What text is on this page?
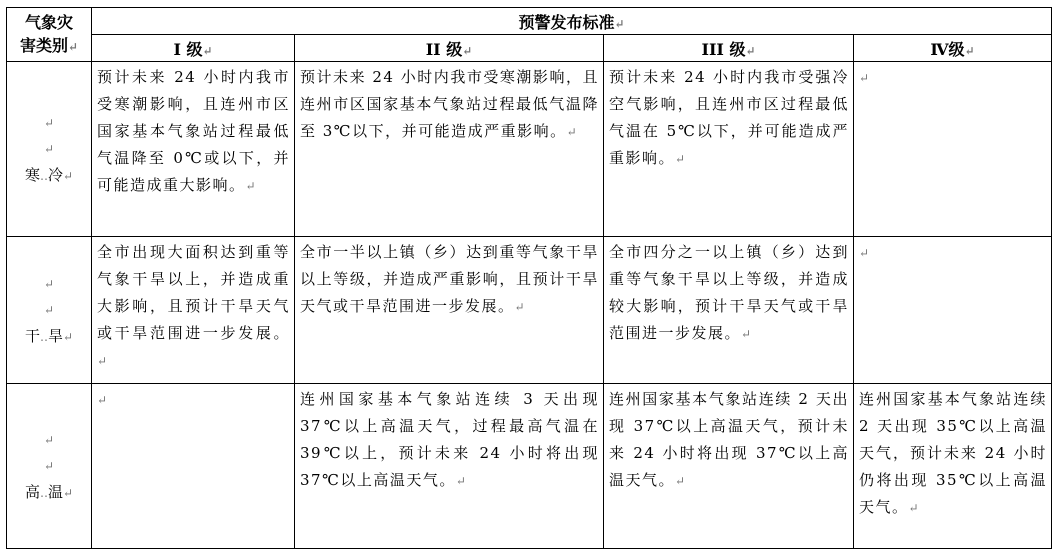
气象灾
害类别↵	预警发布标准↵			
	I 级↵	II 级↵	III 级↵	Ⅳ级↵

↵
↵
寒‥冷↵	预计未来 24 小时内我市受寒潮影响，且连州市区国家基本气象站过程最低气温降至 0℃或以下，并可能造成重大影响。↵	预计未来 24 小时内我市受寒潮影响，且连州市区国家基本气象站过程最低气温降至 3℃以下，并可能造成严重影响。↵	预计未来 24 小时内我市受强冷空气影响，且连州市区过程最低气温在 5℃以下，并可能造成严重影响。↵	↵

↵
↵
干‥旱↵	全市出现大面积达到重等气象干旱以上，并造成重大影响，且预计干旱天气或干旱范围进一步发展。↵	全市一半以上镇（乡）达到重等气象干旱以上等级，并造成严重影响，且预计干旱天气或干旱范围进一步发展。↵	全市四分之一以上镇（乡）达到重等气象干旱以上等级，并造成较大影响，预计干旱天气或干旱范围进一步发展。↵	↵

↵
↵
高‥温↵	↵	连州国家基本气象站连续 3 天出现 37℃以上高温天气，过程最高气温在 39℃以上，预计未来 24 小时将出现 37℃以上高温天气。↵	连州国家基本气象站连续 2 天出现 37℃以上高温天气，预计未来 24 小时将出现 37℃以上高温天气。↵	连州国家基本气象站连续 2 天出现 35℃以上高温天气，预计未来 24 小时仍将出现 35℃以上高温天气。↵
